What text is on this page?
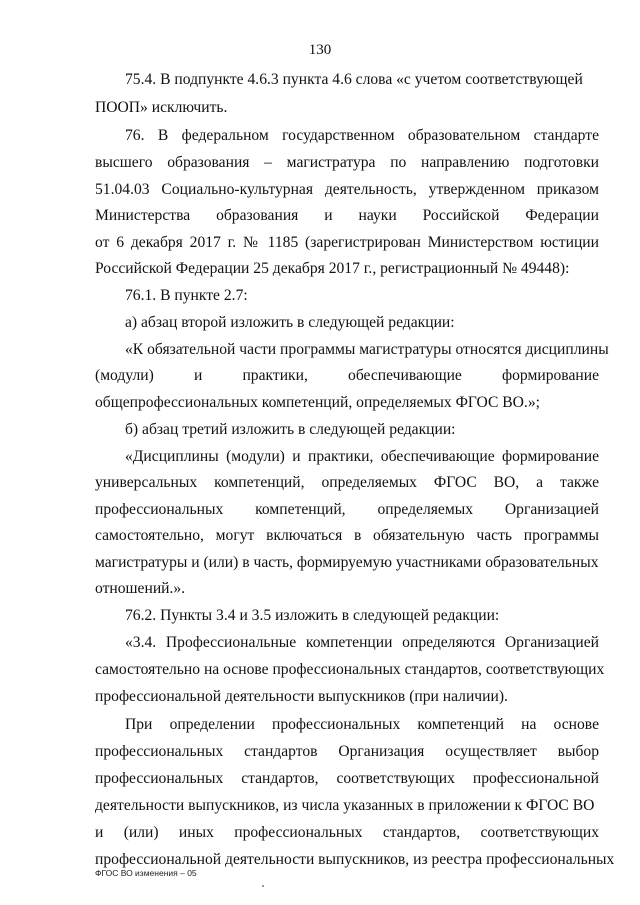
130
75.4. В подпункте 4.6.3 пункта 4.6 слова «с учетом соответствующей
ПООП» исключить.
76. В федеральном государственном образовательном стандарте
высшего образования – магистратура по направлению подготовки
51.04.03 Социально-культурная деятельность, утвержденном приказом
Министерства образования и науки Российской Федерации
от 6 декабря 2017 г. № 1185 (зарегистрирован Министерством юстиции
Российской Федерации 25 декабря 2017 г., регистрационный № 49448):
76.1. В пункте 2.7:
а) абзац второй изложить в следующей редакции:
«К обязательной части программы магистратуры относятся дисциплины
(модули) и практики, обеспечивающие формирование
общепрофессиональных компетенций, определяемых ФГОС ВО.»;
б) абзац третий изложить в следующей редакции:
«Дисциплины (модули) и практики, обеспечивающие формирование
универсальных компетенций, определяемых ФГОС ВО, а также
профессиональных компетенций, определяемых Организацией
самостоятельно, могут включаться в обязательную часть программы
магистратуры и (или) в часть, формируемую участниками образовательных
отношений.».
76.2. Пункты 3.4 и 3.5 изложить в следующей редакции:
«3.4. Профессиональные компетенции определяются Организацией
самостоятельно на основе профессиональных стандартов, соответствующих
профессиональной деятельности выпускников (при наличии).
При определении профессиональных компетенций на основе
профессиональных стандартов Организация осуществляет выбор
профессиональных стандартов, соответствующих профессиональной
деятельности выпускников, из числа указанных в приложении к ФГОС ВО
и (или) иных профессиональных стандартов, соответствующих
профессиональной деятельности выпускников, из реестра профессиональных
ФГОС ВО изменения – 05
